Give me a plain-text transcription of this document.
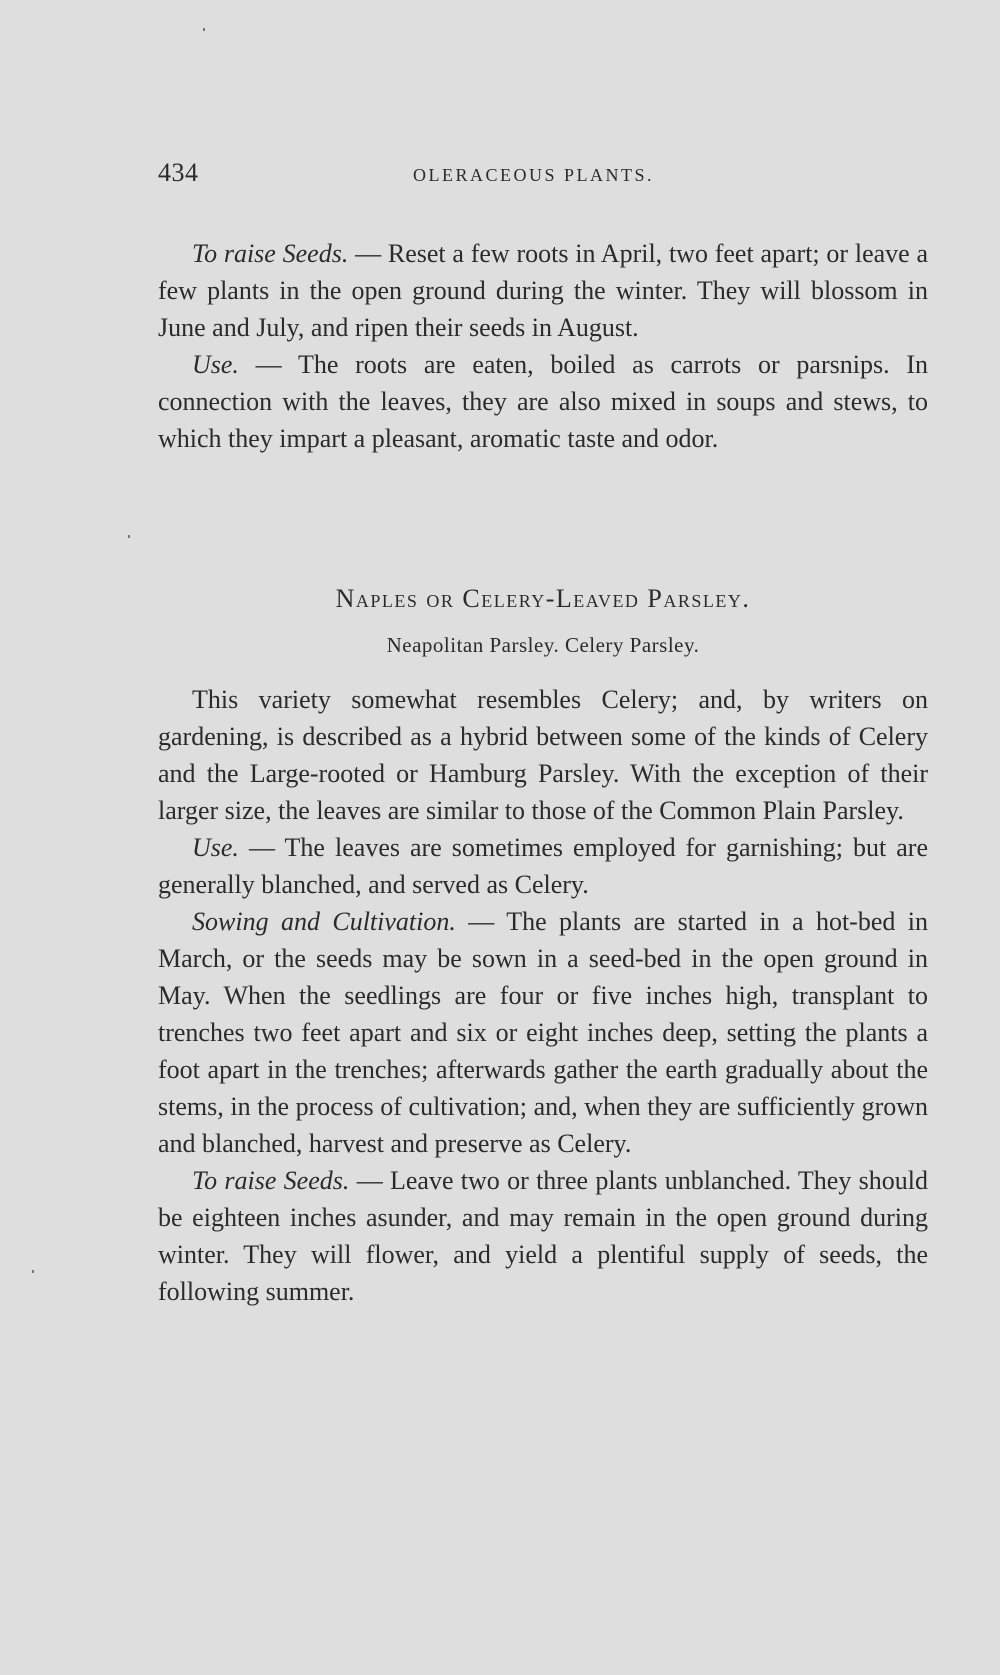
434	OLERACEOUS PLANTS.

To raise Seeds. — Reset a few roots in April, two feet apart; or leave a few plants in the open ground during the winter. They will blossom in June and July, and ripen their seeds in August.

Use. — The roots are eaten, boiled as carrots or parsnips. In connection with the leaves, they are also mixed in soups and stews, to which they impart a pleasant, aromatic taste and odor.

Naples or Celery-Leaved Parsley.
Neapolitan Parsley. Celery Parsley.

This variety somewhat resembles Celery; and, by writers on gardening, is described as a hybrid between some of the kinds of Celery and the Large-rooted or Hamburg Parsley. With the exception of their larger size, the leaves are similar to those of the Common Plain Parsley.

Use. — The leaves are sometimes employed for garnishing; but are generally blanched, and served as Celery.

Sowing and Cultivation. — The plants are started in a hot-bed in March, or the seeds may be sown in a seed-bed in the open ground in May. When the seedlings are four or five inches high, transplant to trenches two feet apart and six or eight inches deep, setting the plants a foot apart in the trenches; afterwards gather the earth gradually about the stems, in the process of cultivation; and, when they are sufficiently grown and blanched, harvest and preserve as Celery.

To raise Seeds. — Leave two or three plants unblanched. They should be eighteen inches asunder, and may remain in the open ground during winter. They will flower, and yield a plentiful supply of seeds, the following summer.
